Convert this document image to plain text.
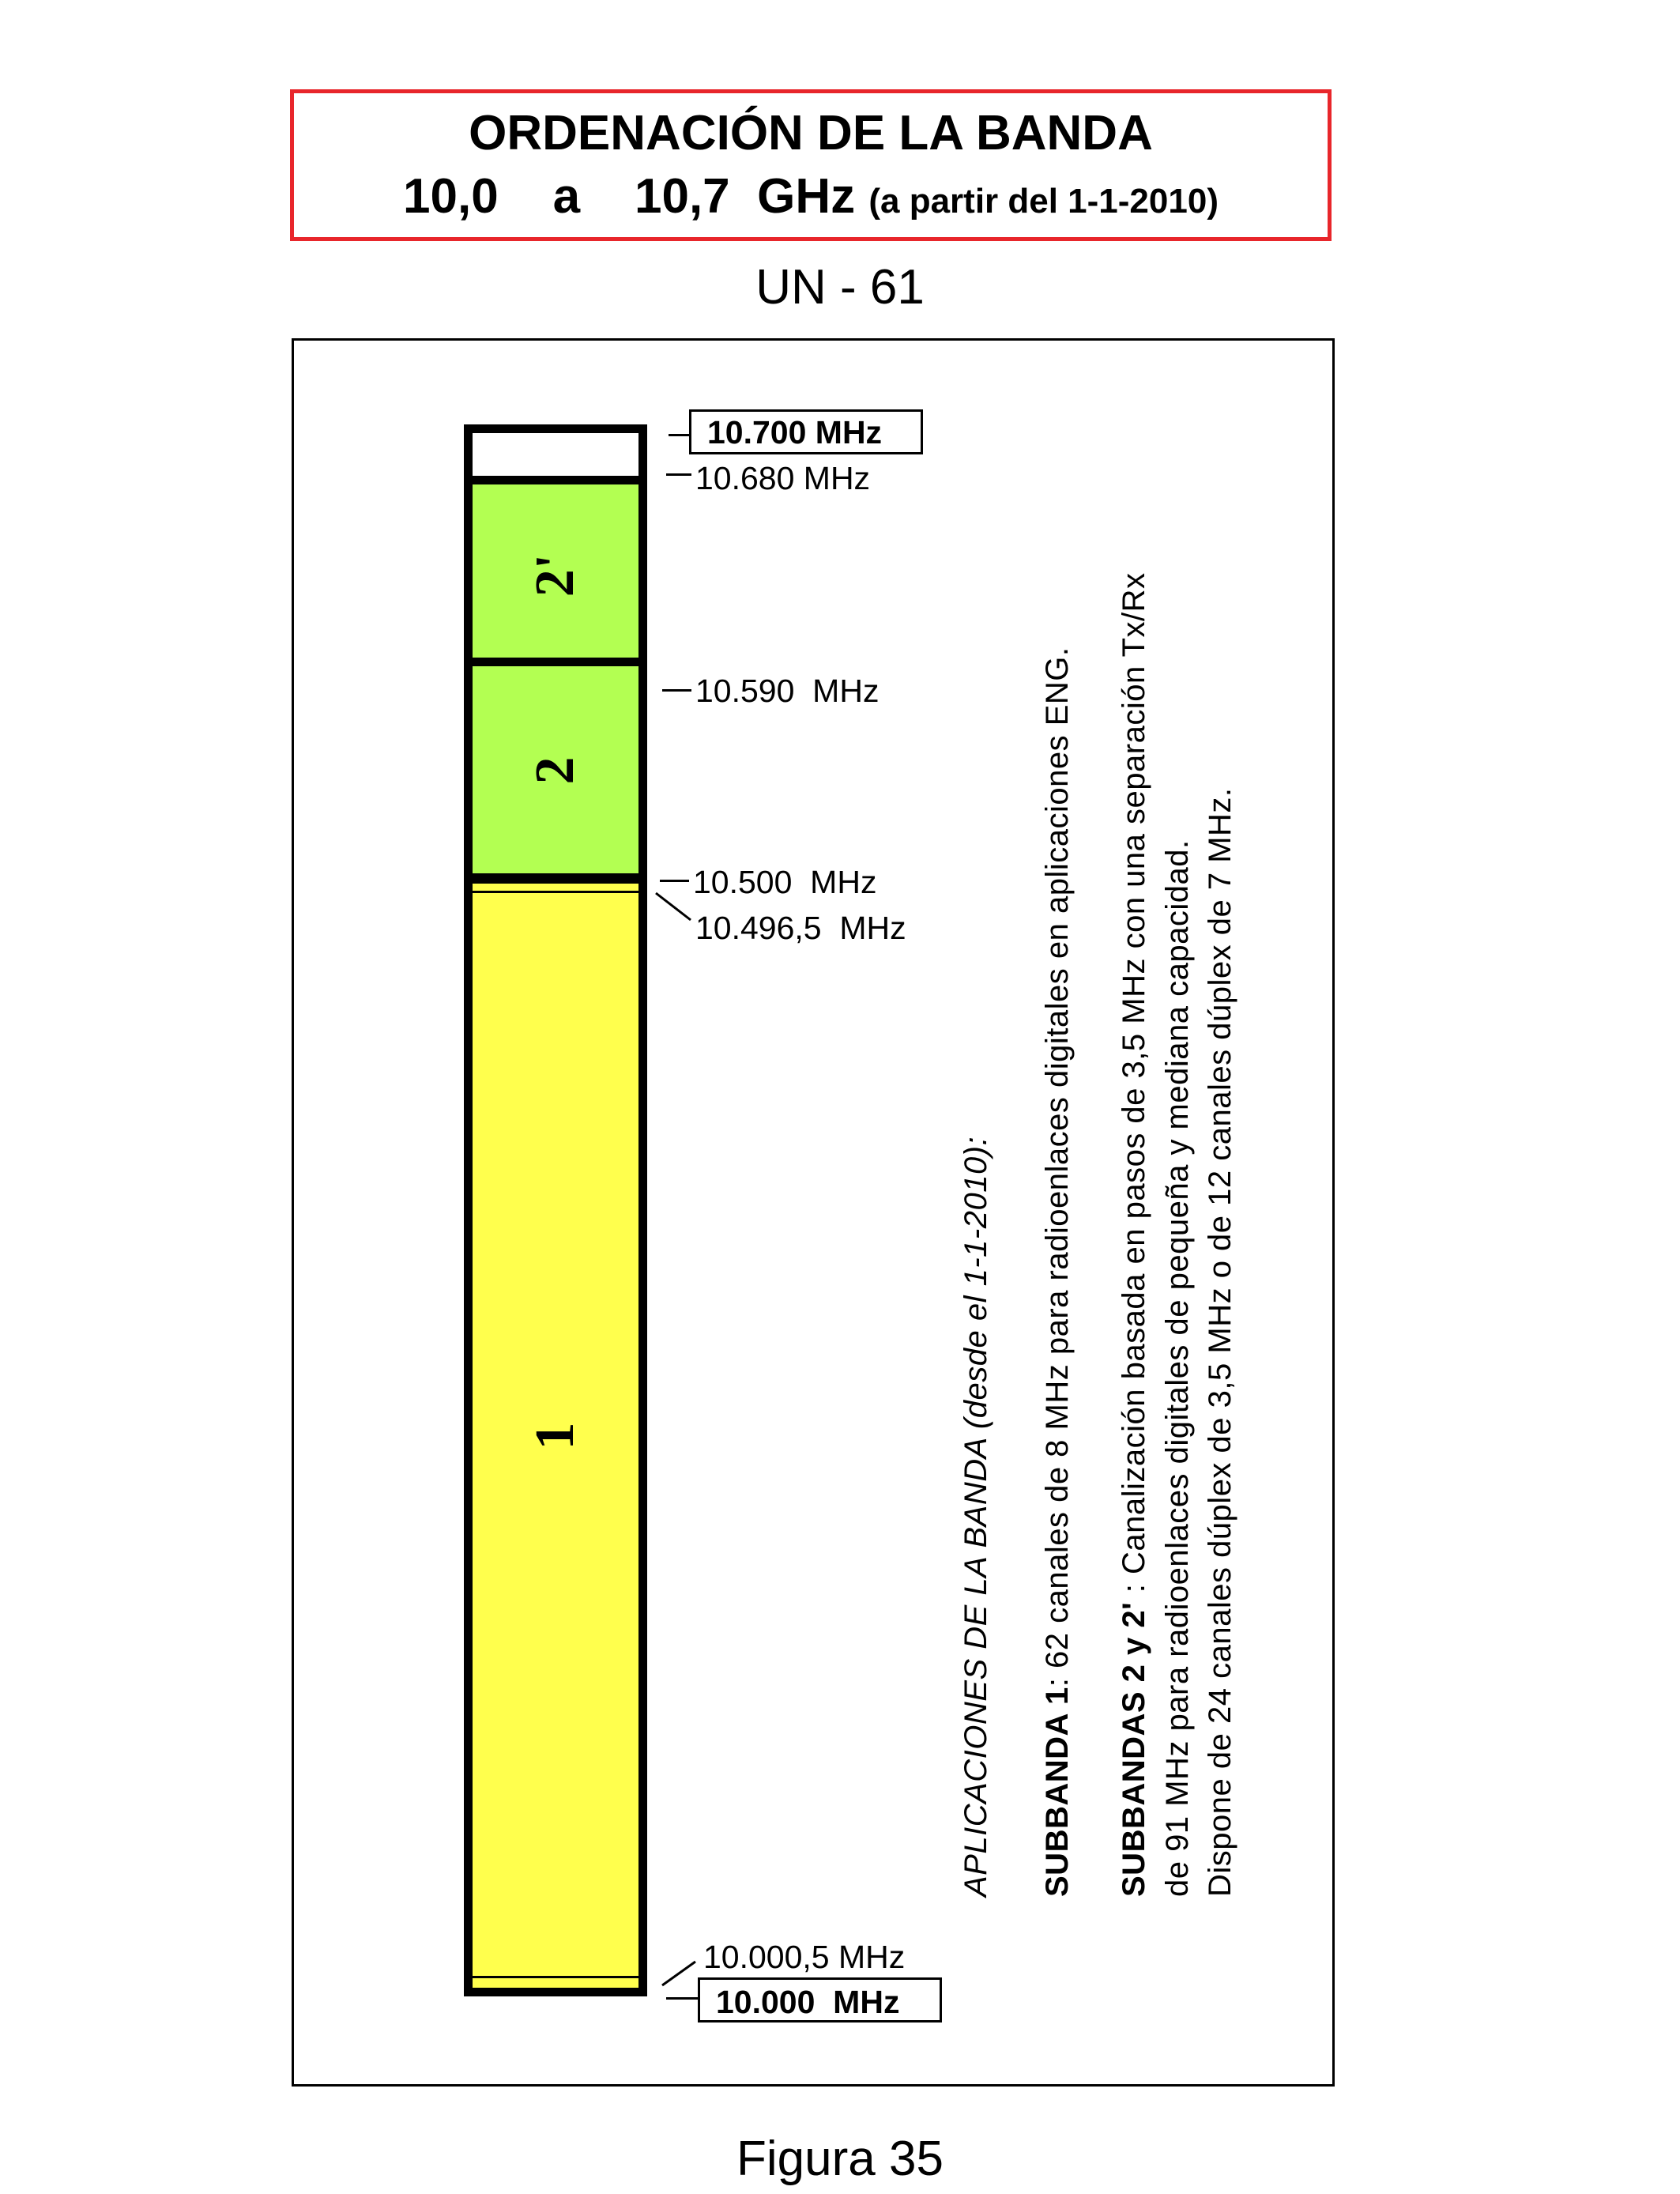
ORDENACIÓN DE LA BANDA
10,0    a    10,7  GHz (a partir del 1-1-2010)
UN - 61
2'
2
1
10.700 MHz
10.680 MHz
10.590  MHz
10.500  MHz
10.496,5  MHz
10.000,5 MHz
10.000  MHz
APLICACIONES DE LA BANDA (desde el 1-1-2010): SUBBANDA 1: 62 canales de 8 MHz para radioenlaces digitales en aplicaciones ENG.
SUBBANDAS 2 y 2' : Canalización basada en pasos de 3,5 MHz con una separación Tx/Rx de 91 MHz para radioenlaces digitales de pequeña y mediana capacidad. Dispone de 24 canales dúplex de 3,5 MHz o de 12 canales dúplex de 7 MHz.
Figura 35
